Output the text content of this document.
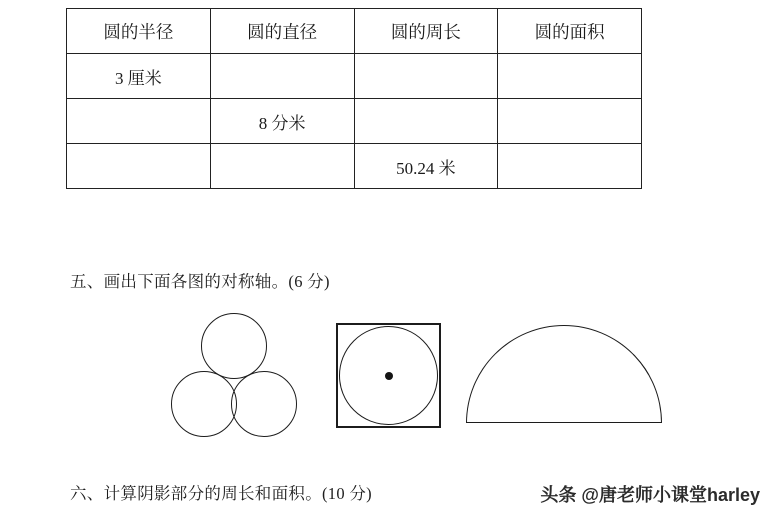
圆的半径	圆的直径	圆的周长	圆的面积
3 厘米			
	8 分米		
		50.24 米	
五、画出下面各图的对称轴。(6 分)
六、计算阴影部分的周长和面积。(10 分)	头条 @唐老师小课堂harley
